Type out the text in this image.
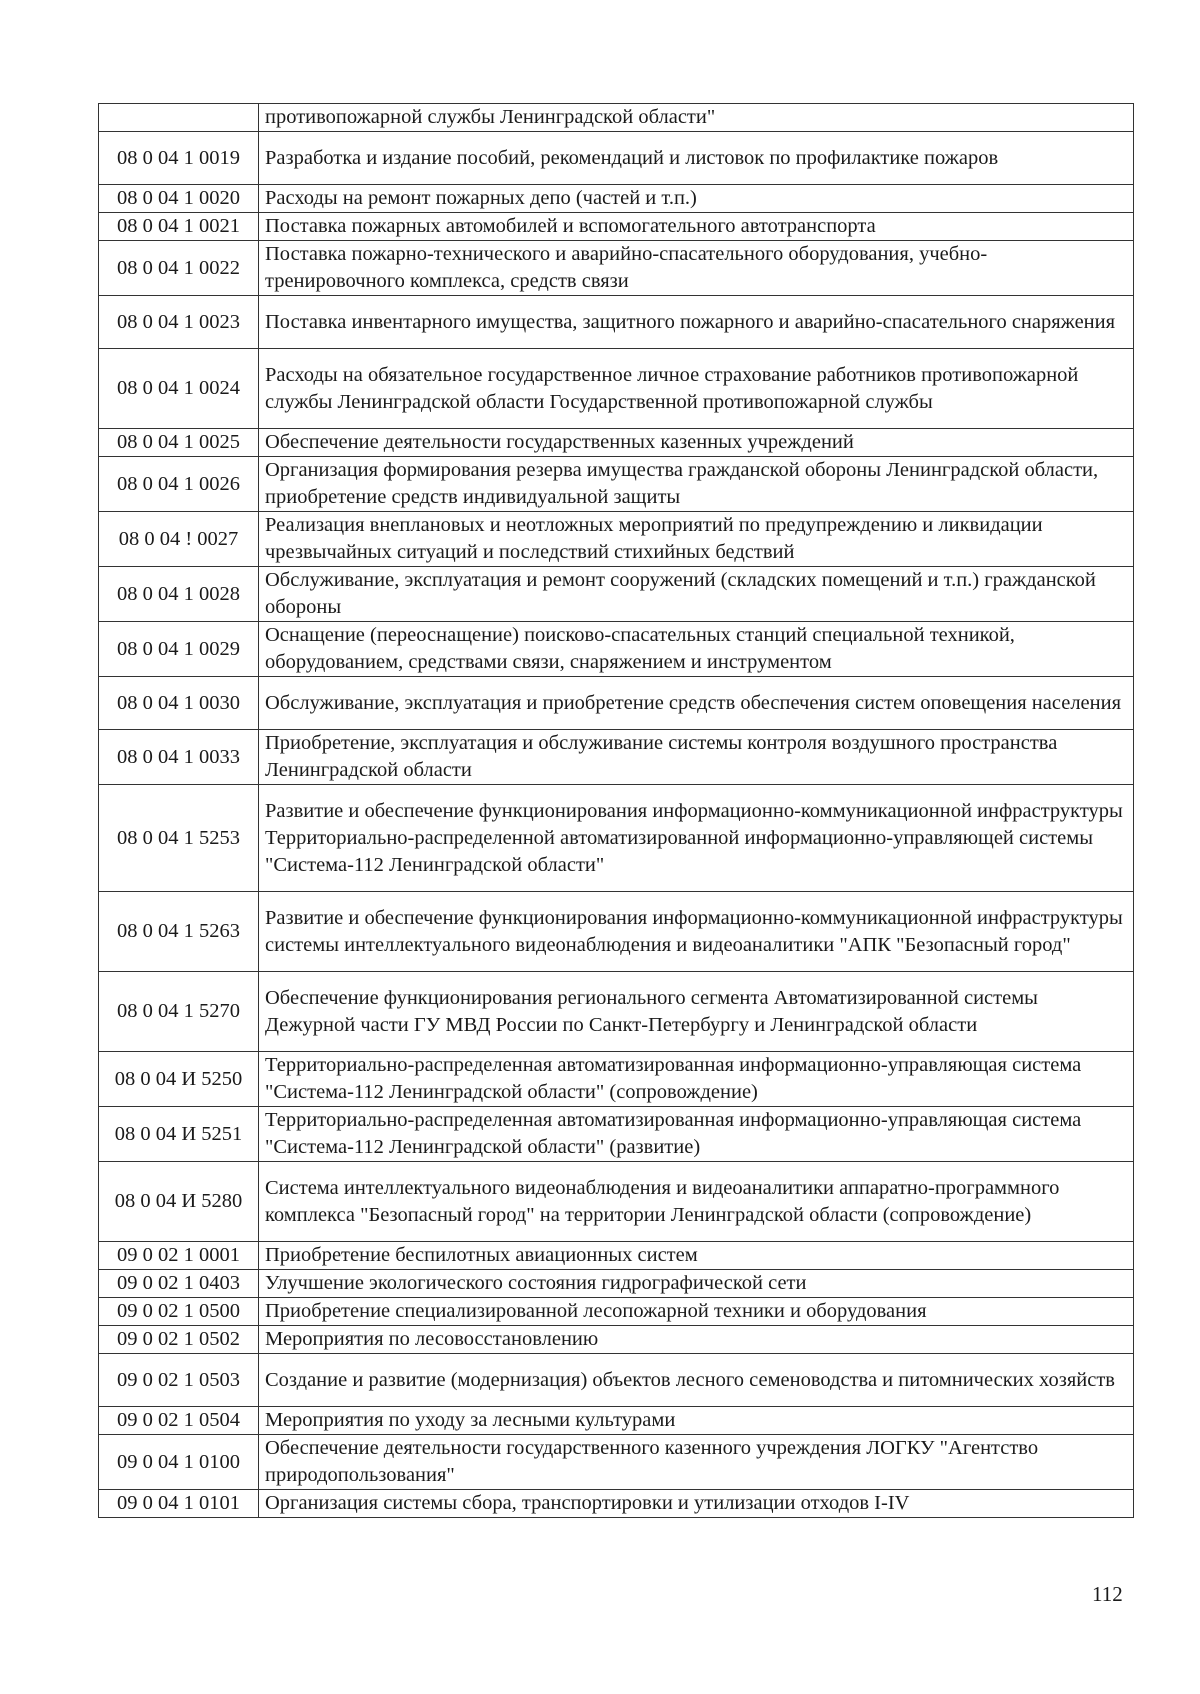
	противопожарной службы Ленинградской области"
08 0 04 1 0019	Разработка и издание пособий, рекомендаций и листовок по профилактике пожаров
08 0 04 1 0020	Расходы на ремонт пожарных депо (частей и т.п.)
08 0 04 1 0021	Поставка пожарных автомобилей и вспомогательного автотранспорта
08 0 04 1 0022	Поставка пожарно-технического и аварийно-спасательного оборудования, учебно-тренировочного комплекса, средств связи
08 0 04 1 0023	Поставка инвентарного имущества, защитного пожарного и аварийно-спасательного снаряжения
08 0 04 1 0024	Расходы на обязательное государственное личное страхование работников противопожарной службы Ленинградской области Государственной противопожарной службы
08 0 04 1 0025	Обеспечение деятельности государственных казенных учреждений
08 0 04 1 0026	Организация формирования резерва имущества гражданской обороны Ленинградской области, приобретение средств индивидуальной защиты
08 0 04 ! 0027	Реализация внеплановых и неотложных мероприятий по предупреждению и ликвидации чрезвычайных ситуаций и последствий стихийных бедствий
08 0 04 1 0028	Обслуживание, эксплуатация и ремонт сооружений (складских помещений и т.п.) гражданской обороны
08 0 04 1 0029	Оснащение (переоснащение) поисково-спасательных станций специальной техникой, оборудованием, средствами связи, снаряжением и инструментом
08 0 04 1 0030	Обслуживание, эксплуатация и приобретение средств обеспечения систем оповещения населения
08 0 04 1 0033	Приобретение, эксплуатация и обслуживание системы контроля воздушного пространства Ленинградской области
08 0 04 1 5253	Развитие и обеспечение функционирования информационно-коммуникационной инфраструктуры Территориально-распределенной автоматизированной информационно-управляющей системы "Система-112 Ленинградской области"
08 0 04 1 5263	Развитие и обеспечение функционирования информационно-коммуникационной инфраструктуры системы интеллектуального видеонаблюдения и видеоаналитики "АПК "Безопасный город"
08 0 04 1 5270	Обеспечение функционирования регионального сегмента Автоматизированной системы Дежурной части ГУ МВД России по Санкт-Петербургу и Ленинградской области
08 0 04 И 5250	Территориально-распределенная автоматизированная информационно-управляющая система "Система-112 Ленинградской области" (сопровождение)
08 0 04 И 5251	Территориально-распределенная автоматизированная информационно-управляющая система "Система-112 Ленинградской области" (развитие)
08 0 04 И 5280	Система интеллектуального видеонаблюдения и видеоаналитики аппаратно-программного комплекса "Безопасный город" на территории Ленинградской области (сопровождение)
09 0 02 1 0001	Приобретение беспилотных авиационных систем
09 0 02 1 0403	Улучшение экологического состояния гидрографической сети
09 0 02 1 0500	Приобретение специализированной лесопожарной техники и оборудования
09 0 02 1 0502	Мероприятия по лесовосстановлению
09 0 02 1 0503	Создание и развитие (модернизация) объектов лесного семеноводства и питомнических хозяйств
09 0 02 1 0504	Мероприятия по уходу за лесными культурами
09 0 04 1 0100	Обеспечение деятельности государственного казенного учреждения ЛОГКУ "Агентство природопользования"
09 0 04 1 0101	Организация системы сбора, транспортировки и утилизации отходов I-IV
112
